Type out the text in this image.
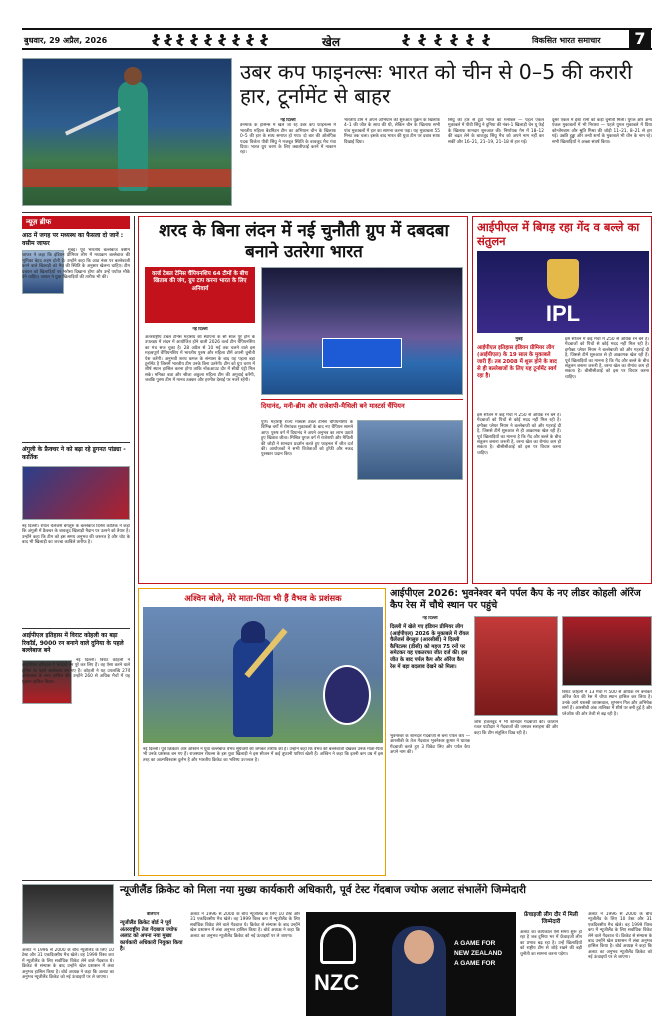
बुधवार, 29 अप्रैल, 2026	खेल	विकसित भारत समाचार	7
उबर कप फाइनल्सः भारत को चीन से 0–5 की करारी हार, टूर्नामेंट से बाहर
नई दिल्ली
डेनमार्क के हॉर्सेन्स में खेले जा रहे उबर कप फाइनल्स में भारतीय महिला बैडमिंटन टीम का अभियान चीन के खिलाफ 0–5 की हार के साथ समाप्त हो गया। दो बार की ओलंपिक पदक विजेता पीवी सिंधु ने मजबूत स्थिति के बावजूद मैच गंवा दिया। भारत ग्रुप चरण के लिए क्वालीफाई करने में नाकाम रहा।
भारतीय टीम ने अपने अभियान की शुरुआत यूक्रेन के खिलाफ 4–1 की जीत के साथ की थी, लेकिन चीन के खिलाफ सभी पांच मुकाबलों में हार का सामना करना पड़ा। यह मुकाबला 55 मिनट तक चला। इसके बाद भारत की युवा टीम पर दबाव साफ दिखाई दिया।
सिंधु की हार से टूटा भारत का मनोबल — पहले एकल मुकाबले में पीवी सिंधु ने दुनिया की नंबर-1 खिलाड़ी चेन यू फेई के खिलाफ शानदार शुरुआत की। निर्णायक गेम में 18–12 की बढ़त लेने के बावजूद सिंधु मैच को अपने नाम नहीं कर सकीं और 16–21, 21–19, 21–18 से हार गईं।
दूसरे एकल में ईशा रानी को कड़ी चुनौती मिली। युगल और अन्य एकल मुकाबलों में भी निराशा — पहले युगल मुकाबले में प्रिया कोन्जेंगबाम और श्रुति मिश्रा की जोड़ी 11–21, 8–21 से हार गई। उन्नति हुड्डा और तन्वी शर्मा के मुकाबले भी चीन के नाम रहे। सभी खिलाड़ियों ने अच्छा संघर्ष किया।
न्यूज़ ब्रीफ
आठ में जगह पर मध्यस्थ का फैसला दो जानें : वसीम जाफर
मुंबई। पूर्व भारतीय बल्लेबाज वसीम जाफर ने कहा कि इंडियन प्रीमियर लीग में मध्यक्रम बल्लेबाज की भूमिका बेहद अहम होती है। उन्होंने कहा कि आठ नंबर पर बल्लेबाजी करने वाले खिलाड़ी को मैच की स्थिति के अनुसार खेलना चाहिए। टीम प्रबंधन को खिलाड़ियों पर भरोसा दिखाना होगा और उन्हें पर्याप्त मौके देने चाहिए। जाफर ने युवा खिलाड़ियों की तारीफ भी की।
अंगुली के फ्रैक्चर ने को बढ़ा रहे डूगनत पांड्या - कार्तिक
नई दिल्ली। रॉयल चैलेंजर्स बेंगलुरु के बल्लेबाज दिनेश कार्तिक ने कहा कि अंगुली में फ्रैक्चर के बावजूद खिलाड़ी मैदान पर उतरने को तैयार है। उन्होंने कहा कि टीम को इस समय अनुभव की जरूरत है और चोट के बाद भी खिलाड़ी का जज्बा काबिले तारीफ है।
आईपीएल इतिहास में विराट कोहली का बड़ा रिकॉर्ड, 9000 रन बनाने वाले दुनिया के पहले बल्लेबाज बने
नई दिल्ली। विराट कोहली ने आईपीएल इतिहास में 9000 रन पूरे कर लिए हैं। वह ऐसा करने वाले दुनिया के पहले बल्लेबाज बन गए हैं। कोहली ने यह उपलब्धि 27वें अर्धशतक के साथ हासिल की। उन्होंने 260 से अधिक मैचों में यह मुकाम हासिल किया।
शरद के बिना लंदन में नई चुनौती ग्रुप में दबदबा बनाने उतरेगा भारत
वर्ल्ड टेबल टेनिस चैंपियनशिप 64 टीमों के बीच खिताब की जंग, ग्रुप टाप करना भारत के लिए अनिवार्य
नई दिल्ली
अंतरराष्ट्रीय टेबल टेनिस महासंघ की स्थापना के सौ साल पूरे होने के उपलक्ष्य में लंदन में आयोजित होने वाली 2026 वर्ल्ड टीम चैंपियनशिप का मंच सज चुका है। 28 अप्रैल से 10 मई तक चलने वाले इस महत्वपूर्ण चैंपियनशिप में भारतीय पुरुष और महिला टीमें अपनी चुनौती पेश करेंगी। अनुभवी शरथ कमल के संन्यास के बाद यह पहला बड़ा टूर्नामेंट है जिसमें भारतीय टीम उनके बिना उतरेगी। टीम को ग्रुप चरण में शीर्ष स्थान हासिल करना होगा ताकि नॉकआउट दौर में सीधी एंट्री मिल सके। मनिका बत्रा और श्रीजा अकुला महिला टीम की अगुवाई करेंगी, जबकि पुरुष टीम में मानव ठक्कर और हरमीत देसाई पर नजरें रहेंगी।
दियानंद, मनी-ब्रीम और राजेशपी-मैथिली बने मास्टर्स चैंपियन
पुणे। महाराष्ट्र राज्य मास्टर्स टेबल टेनिस चैंपियनशिप के विभिन्न वर्गों में रोमांचक मुकाबलों के बाद नए चैंपियन सामने आए। पुरुष वर्ग में दियानंद ने अपने अनुभव का लाभ उठाते हुए खिताब जीता। मिश्रित युगल वर्ग में राजेशपी और मैथिली की जोड़ी ने शानदार प्रदर्शन करते हुए फाइनल में जीत दर्ज की। आयोजकों ने सभी विजेताओं को ट्रॉफी और नकद पुरस्कार प्रदान किए।
आईपीएल में बिगड़ रहा गेंद व बल्ले का संतुलन
IPL
मुंबई
आईपीएल इतिहास इंडियन प्रीमियर लीग (आईपीएल) के 19 साल के मुकाबले जारी हैं। तब 2008 में शुरू होने के बाद से ही बल्लेबाजों के लिए यह टूर्नामेंट स्वर्ग रहा है।
इस सीजन में कई मैचों में 250 से अधिक रन बने हैं। गेंदबाजों को पिचों से कोई मदद नहीं मिल रही है। इम्पैक्ट प्लेयर नियम ने बल्लेबाजी को और गहराई दी है, जिससे टीमें शुरुआत से ही आक्रामक खेल रही हैं। पूर्व खिलाड़ियों का मानना है कि गेंद और बल्ले के बीच संतुलन बनाना जरूरी है, वरना खेल का रोमांच कम हो सकता है। बीसीसीआई को इस पर विचार करना चाहिए।
इस सीजन में कई मैचों में 250 से अधिक रन बने हैं। गेंदबाजों को पिचों से कोई मदद नहीं मिल रही है। इम्पैक्ट प्लेयर नियम ने बल्लेबाजी को और गहराई दी है, जिससे टीमें शुरुआत से ही आक्रामक खेल रही हैं। पूर्व खिलाड़ियों का मानना है कि गेंद और बल्ले के बीच संतुलन बनाना जरूरी है, वरना खेल का रोमांच कम हो सकता है। बीसीसीआई को इस पर विचार करना चाहिए।
अश्विन बोले, मेरे माता-पिता भी हैं वैभव के प्रशंसक
नई दिल्ली। पूर्व क्रिकेटर आर अश्विन ने युवा बल्लेबाज वैभव सूर्यवंशी की जमकर तारीफ की है। उन्होंने कहा कि वैभव की बल्लेबाजी देखकर उनके माता-पिता भी उनके प्रशंसक बन गए हैं। राजस्थान रॉयल्स के इस युवा खिलाड़ी ने इस सीजन में कई तूफानी पारियां खेली हैं। अश्विन ने कहा कि इतनी कम उम्र में इस तरह का आत्मविश्वास दुर्लभ है और भारतीय क्रिकेट का भविष्य उज्ज्वल है।
आईपीएल 2026: भुवनेश्वर बने पर्पल कैप के नए लीडर कोहली ऑरेंज कैप रेस में चौथे स्थान पर पहुंचे
नई दिल्ली
दिल्ली में खेले गए इंडियन प्रीमियर लीग (आईपीएल) 2026 के मुकाबले में रॉयल चैलेंजर्स बेंगलुरु (आरसीबी) ने दिल्ली कैपिटल्स (डीसी) को महज 75 रनों पर समेटकर यह एकतरफा जीत दर्ज की। इस जीत के बाद पर्पल कैप और ऑरेंज कैप रेस में बड़ा बदलाव देखने को मिला।
भुवनेश्वर के शानदार गेंदबाजी से बना पर्पल कैप — आरसीबी के तेज गेंदबाज भुवनेश्वर कुमार ने घातक गेंदबाजी करते हुए 3 विकेट लिए और पर्पल कैप अपने नाम की।
जोश हेजलवुड ने भी शानदार गेंदबाजी की। कप्तान रजत पाटीदार ने गेंदबाजों की जमकर सराहना की और कहा कि टीम संतुलित दिख रही है।
विराट कोहली ने 13 मैचों में 500 से अधिक रन बनाकर ऑरेंज कैप की रेस में चौथा स्थान हासिल कर लिया है। उनके आगे यशस्वी जायसवाल, शुभमन गिल और अभिषेक शर्मा हैं। आरसीबी अंक तालिका में शीर्ष पर बनी हुई है और प्लेऑफ की ओर तेजी से बढ़ रही है।
न्यूजीलैंड क्रिकेट को मिला नया मुख्य कार्यकारी अधिकारी, पूर्व टेस्ट गेंदबाज ज्योफ अलाट संभालेंगे जिम्मेदारी
वेलिंग्टन
न्यूजीलैंड क्रिकेट बोर्ड ने पूर्व अंतरराष्ट्रीय तेज गेंदबाज ज्योफ अलाट को अपना नया मुख्य कार्यकारी अधिकारी नियुक्त किया है।
अलाट ने 1996 से 2000 के बीच न्यूजीलैंड के लिए 10 टेस्ट और 31 एकदिवसीय मैच खेले। वह 1999 विश्व कप में न्यूजीलैंड के लिए सर्वाधिक विकेट लेने वाले गेंदबाज थे। क्रिकेट से संन्यास के बाद उन्होंने खेल प्रशासन में लंबा अनुभव हासिल किया है। बोर्ड अध्यक्ष ने कहा कि अलाट का अनुभव न्यूजीलैंड क्रिकेट को नई ऊंचाइयों पर ले जाएगा।
अलाट ने 1996 से 2000 के बीच न्यूजीलैंड के लिए 10 टेस्ट और 31 एकदिवसीय मैच खेले। वह 1999 विश्व कप में न्यूजीलैंड के लिए सर्वाधिक विकेट लेने वाले गेंदबाज थे। क्रिकेट से संन्यास के बाद उन्होंने खेल प्रशासन में लंबा अनुभव हासिल किया है। बोर्ड अध्यक्ष ने कहा कि अलाट का अनुभव न्यूजीलैंड क्रिकेट को नई ऊंचाइयों पर ले जाएगा।	NZC
A GAME FOR
NEW ZEALAND
A GAME FOR
फ्रेंचाइजी लीग दौर में मिली जिम्मेदारी
अलाट का कार्यकाल ऐसे समय शुरू हो रहा है जब दुनिया भर में फ्रेंचाइजी लीग का प्रभाव बढ़ रहा है। उन्हें खिलाड़ियों को राष्ट्रीय टीम से जोड़े रखने की बड़ी चुनौती का सामना करना पड़ेगा।
अलाट ने 1996 से 2000 के बीच न्यूजीलैंड के लिए 10 टेस्ट और 31 एकदिवसीय मैच खेले। वह 1999 विश्व कप में न्यूजीलैंड के लिए सर्वाधिक विकेट लेने वाले गेंदबाज थे। क्रिकेट से संन्यास के बाद उन्होंने खेल प्रशासन में लंबा अनुभव हासिल किया है। बोर्ड अध्यक्ष ने कहा कि अलाट का अनुभव न्यूजीलैंड क्रिकेट को नई ऊंचाइयों पर ले जाएगा।
